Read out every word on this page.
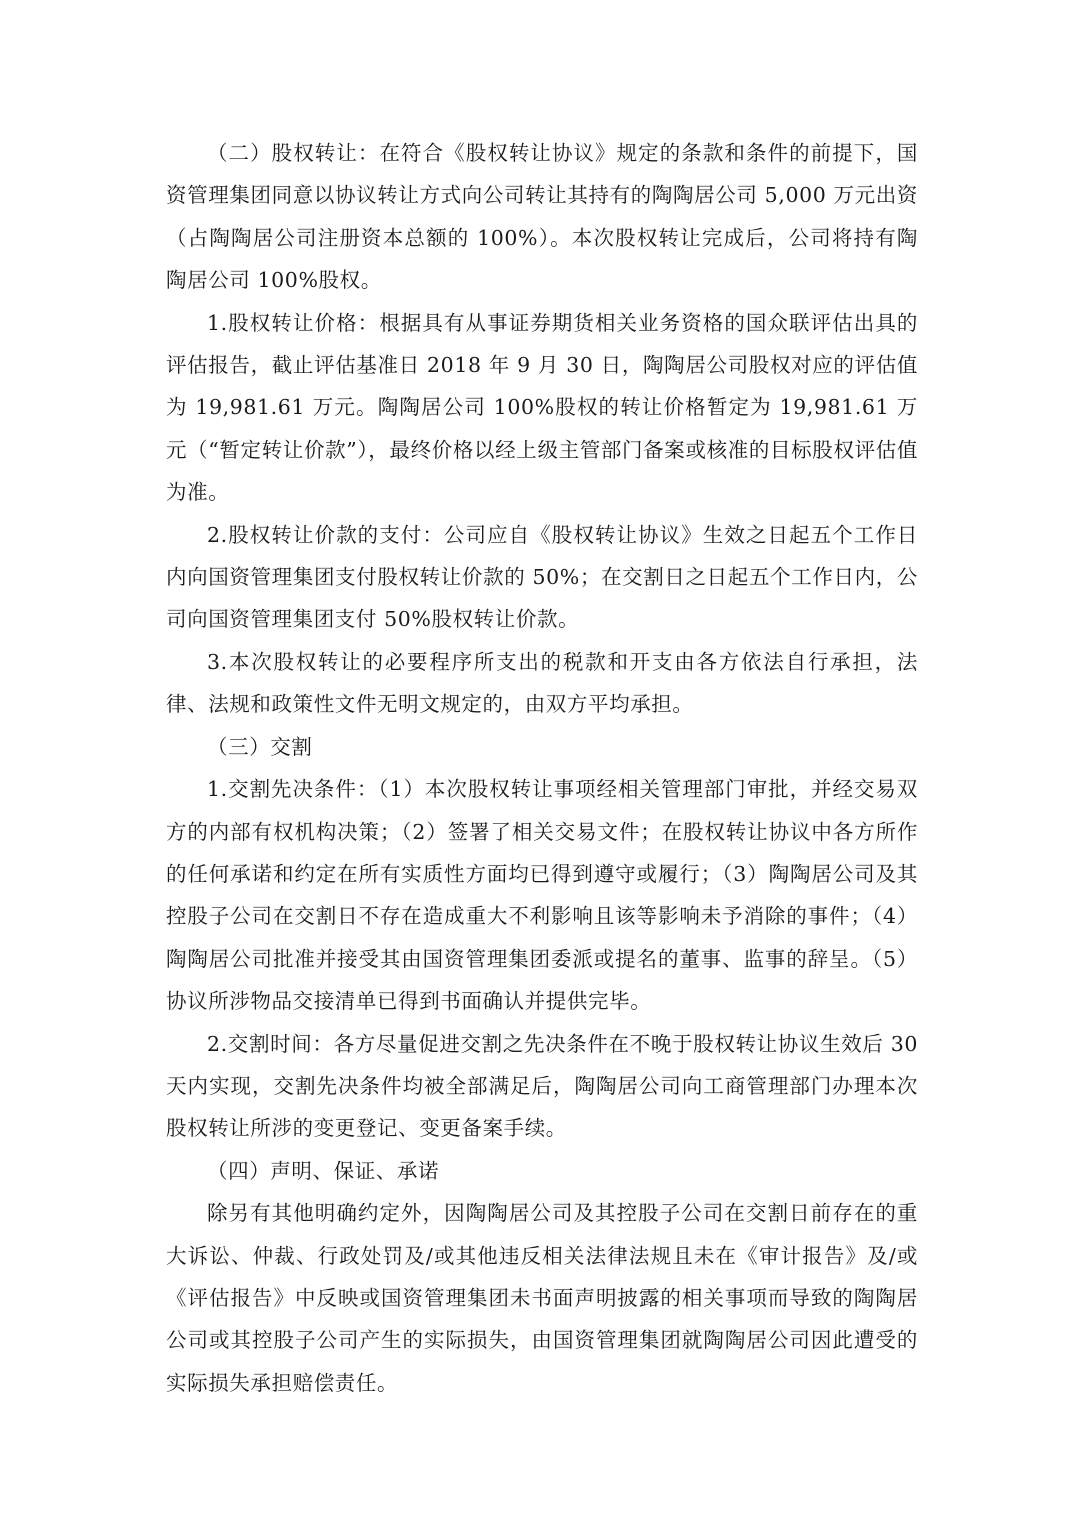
（二）股权转让：在符合《股权转让协议》规定的条款和条件的前提下，国资管理集团同意以协议转让方式向公司转让其持有的陶陶居公司 5,000 万元出资（占陶陶居公司注册资本总额的 100%）。本次股权转让完成后，公司将持有陶陶居公司 100%股权。

1.股权转让价格：根据具有从事证券期货相关业务资格的国众联评估出具的评估报告，截止评估基准日 2018 年 9 月 30 日，陶陶居公司股权对应的评估值为 19,981.61 万元。陶陶居公司 100%股权的转让价格暂定为 19,981.61 万元（“暂定转让价款”），最终价格以经上级主管部门备案或核准的目标股权评估值为准。

2.股权转让价款的支付：公司应自《股权转让协议》生效之日起五个工作日内向国资管理集团支付股权转让价款的 50%；在交割日之日起五个工作日内，公司向国资管理集团支付 50%股权转让价款。

3.本次股权转让的必要程序所支出的税款和开支由各方依法自行承担，法律、法规和政策性文件无明文规定的，由双方平均承担。

（三）交割

1.交割先决条件：（1）本次股权转让事项经相关管理部门审批，并经交易双方的内部有权机构决策；（2）签署了相关交易文件；在股权转让协议中各方所作的任何承诺和约定在所有实质性方面均已得到遵守或履行；（3）陶陶居公司及其控股子公司在交割日不存在造成重大不利影响且该等影响未予消除的事件；（4）陶陶居公司批准并接受其由国资管理集团委派或提名的董事、监事的辞呈。（5）协议所涉物品交接清单已得到书面确认并提供完毕。

2.交割时间：各方尽量促进交割之先决条件在不晚于股权转让协议生效后 30 天内实现，交割先决条件均被全部满足后，陶陶居公司向工商管理部门办理本次股权转让所涉的变更登记、变更备案手续。

（四）声明、保证、承诺

除另有其他明确约定外，因陶陶居公司及其控股子公司在交割日前存在的重大诉讼、仲裁、行政处罚及/或其他违反相关法律法规且未在《审计报告》及/或《评估报告》中反映或国资管理集团未书面声明披露的相关事项而导致的陶陶居公司或其控股子公司产生的实际损失，由国资管理集团就陶陶居公司因此遭受的实际损失承担赔偿责任。
